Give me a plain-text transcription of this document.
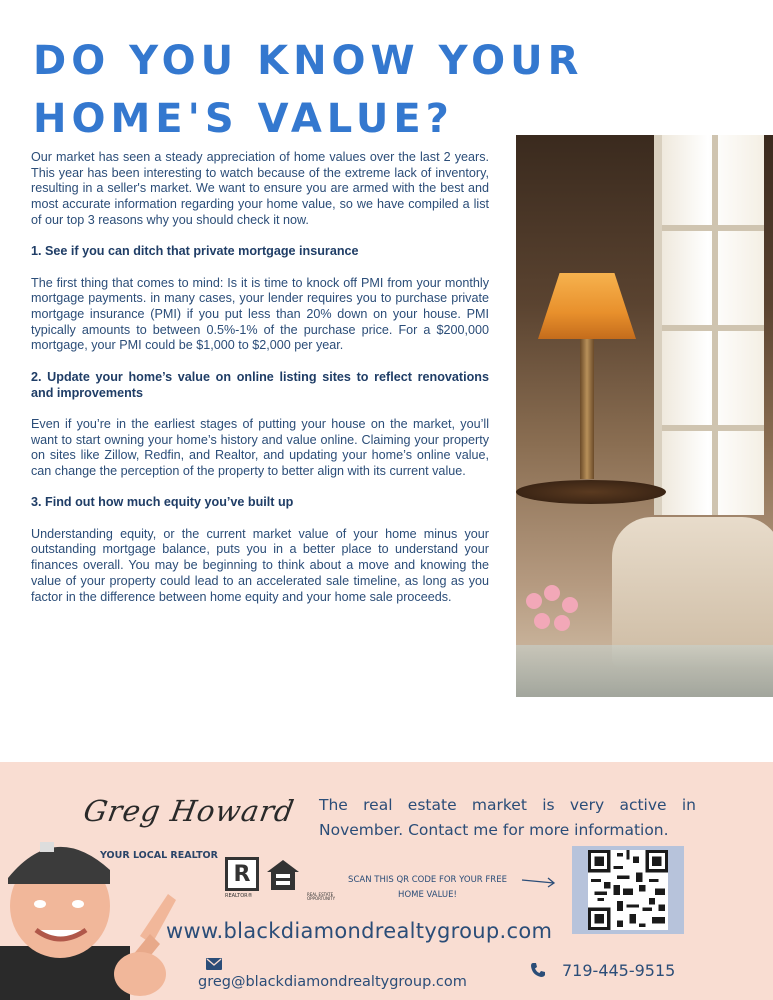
DO YOU KNOW YOUR HOME'S VALUE?

Our market has seen a steady appreciation of home values over the last 2 years. This year has been interesting to watch because of the extreme lack of inventory, resulting in a seller's market. We want to ensure you are armed with the best and most accurate information regarding your home value, so we have compiled a list of our top 3 reasons why you should check it now.

1. See if you can ditch that private mortgage insurance

The first thing that comes to mind: Is it is time to knock off PMI from your monthly mortgage payments. in many cases, your lender requires you to purchase private mortgage insurance (PMI) if you put less than 20% down on your house. PMI typically amounts to between 0.5%-1% of the purchase price. For a $200,000 mortgage, your PMI could be $1,000 to $2,000 per year.

2. Update your home’s value on online listing sites to reflect renovations and improvements

Even if you’re in the earliest stages of putting your house on the market, you’ll want to start owning your home’s history and value online. Claiming your property on sites like Zillow, Redfin, and Realtor, and updating your home’s online value, can change the perception of the property to better align with its current value.

3. Find out how much equity you’ve built up

Understanding equity, or the current market value of your home minus your outstanding mortgage balance, puts you in a better place to understand your finances overall. You may be beginning to think about a move and knowing the value of your property could lead to an accelerated sale timeline, as long as you factor in the difference between home equity and your home sale proceeds.

Greg Howard
YOUR LOCAL REALTOR
R
REALTOR®	REAL ESTATE OPPORTUNITY
The real estate market is very active in November. Contact me for more information.
SCAN THIS QR CODE FOR YOUR FREE HOME VALUE!
www.blackdiamondrealtygroup.com
greg@blackdiamondrealtygroup.com
719-445-9515
